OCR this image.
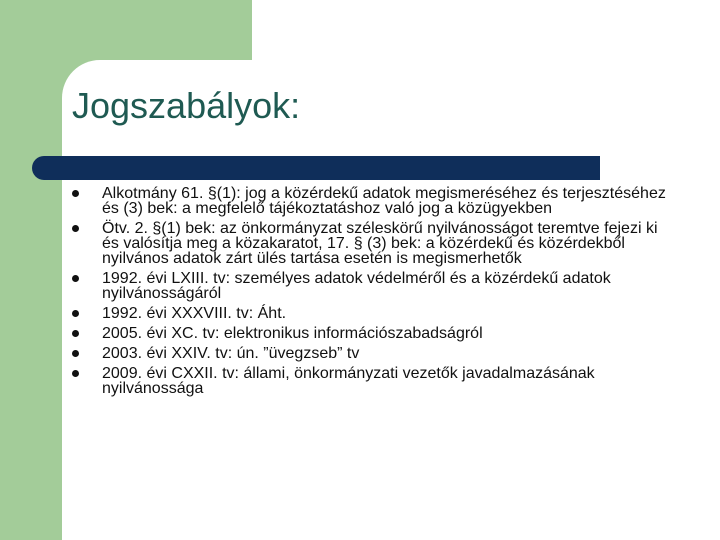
Jogszabályok:
Alkotmány 61. §(1): jog a közérdekű adatok megismeréséhez és terjesztéséhez és (3) bek: a megfelelő tájékoztatáshoz való jog a közügyekben
Ötv. 2. §(1) bek: az önkormányzat széleskörű nyilvánosságot teremtve fejezi ki és valósítja meg a közakaratot, 17. § (3) bek: a közérdekű és közérdekből nyilvános adatok zárt ülés tartása esetén is megismerhetők
1992. évi LXIII. tv: személyes adatok védelméről és a közérdekű adatok nyilvánosságáról
1992. évi XXXVIII. tv: Áht.
2005. évi XC. tv: elektronikus információszabadságról
2003. évi XXIV. tv: ún. ”üvegzseb” tv
2009. évi CXXII. tv: állami, önkormányzati vezetők javadalmazásának nyilvánossága
